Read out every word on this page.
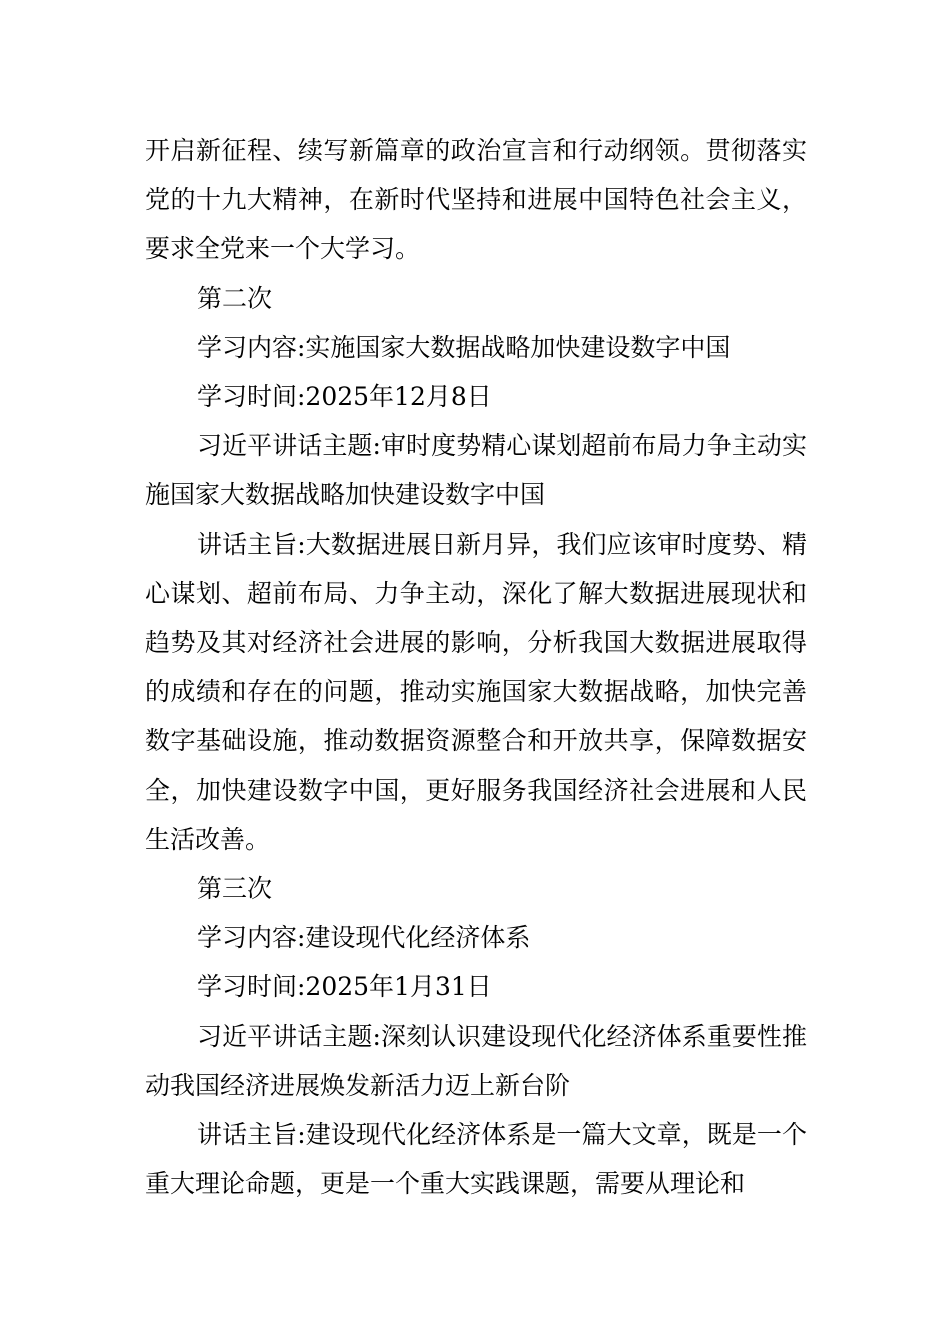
开启新征程、续写新篇章的政治宣言和行动纲领。贯彻落实党的十九大精神，在新时代坚持和进展中国特色社会主义，要求全党来一个大学习。

第二次

学习内容:实施国家大数据战略加快建设数字中国

学习时间:2025年12月8日

习近平讲话主题:审时度势精心谋划超前布局力争主动实施国家大数据战略加快建设数字中国

讲话主旨:大数据进展日新月异，我们应该审时度势、精心谋划、超前布局、力争主动，深化了解大数据进展现状和趋势及其对经济社会进展的影响，分析我国大数据进展取得的成绩和存在的问题，推动实施国家大数据战略，加快完善数字基础设施，推动数据资源整合和开放共享，保障数据安全，加快建设数字中国，更好服务我国经济社会进展和人民生活改善。

第三次

学习内容:建设现代化经济体系

学习时间:2025年1月31日

习近平讲话主题:深刻认识建设现代化经济体系重要性推动我国经济进展焕发新活力迈上新台阶

讲话主旨:建设现代化经济体系是一篇大文章，既是一个重大理论命题，更是一个重大实践课题，需要从理论和
